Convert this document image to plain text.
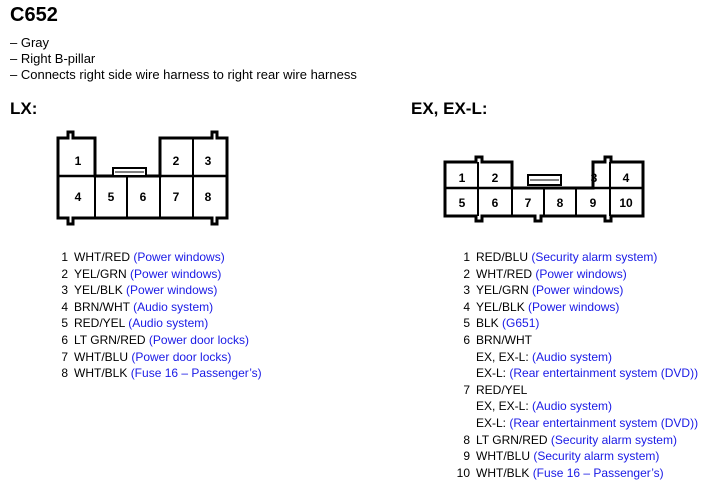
C652
– Gray
– Right B-pillar
– Connects right side wire harness to right rear wire harness
LX:	EX, EX-L:
1	2 3
4 5 6 7 8
1 2	3 4
5 6 7 8 9 10
1 WHT/RED (Power windows)
2 YEL/GRN (Power windows)
3 YEL/BLK (Power windows)
4 BRN/WHT (Audio system)
5 RED/YEL (Audio system)
6 LT GRN/RED (Power door locks)
7 WHT/BLU (Power door locks)
8 WHT/BLK (Fuse 16 – Passenger’s)
1 RED/BLU (Security alarm system)
2 WHT/RED (Power windows)
3 YEL/GRN (Power windows)
4 YEL/BLK (Power windows)
5 BLK (G651)
6 BRN/WHT
EX, EX-L: (Audio system)
EX-L: (Rear entertainment system (DVD))
7 RED/YEL
EX, EX-L: (Audio system)
EX-L: (Rear entertainment system (DVD))
8 LT GRN/RED (Security alarm system)
9 WHT/BLU (Security alarm system)
10 WHT/BLK (Fuse 16 – Passenger’s)
